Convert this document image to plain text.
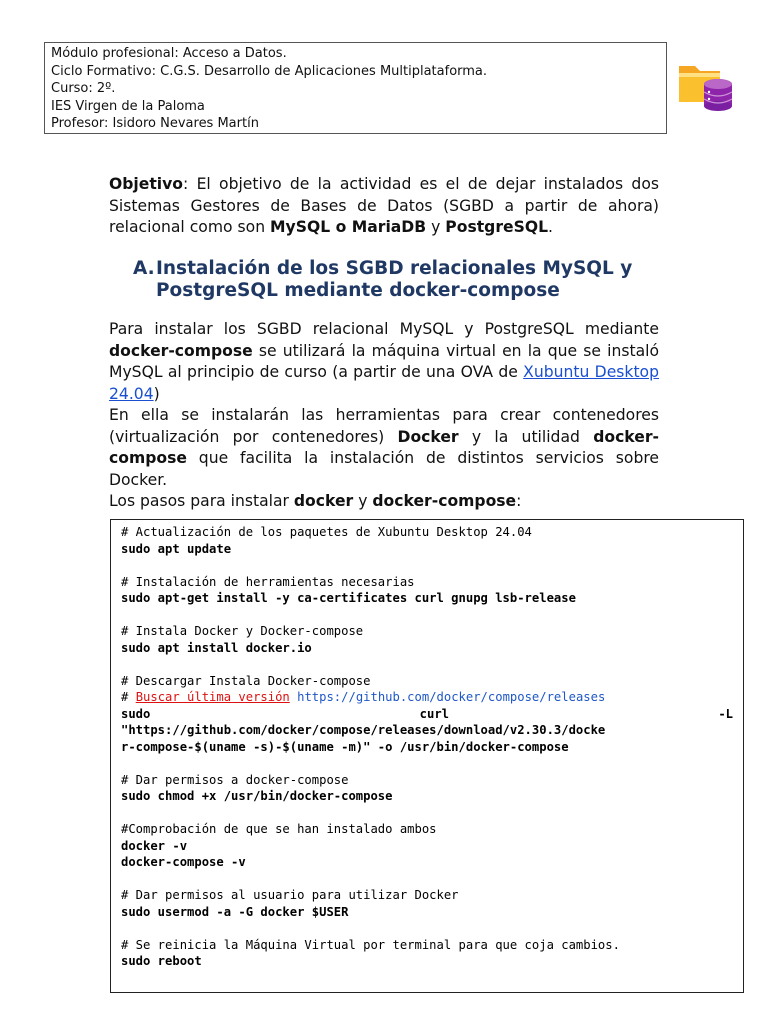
Módulo profesional: Acceso a Datos.
Ciclo Formativo: C.G.S. Desarrollo de Aplicaciones Multiplataforma.
Curso: 2º.
IES Virgen de la Paloma
Profesor: Isidoro Nevares Martín
Objetivo: El objetivo de la actividad es el de dejar instalados dos Sistemas Gestores de Bases de Datos (SGBD a partir de ahora) relacional como son MySQL o MariaDB y PostgreSQL.
A. Instalación de los SGBD relacionales MySQL y PostgreSQL mediante docker-compose

Para instalar los SGBD relacional MySQL y PostgreSQL mediante docker-compose se utilizará la máquina virtual en la que se instaló MySQL al principio de curso (a partir de una OVA de Xubuntu Desktop 24.04)

En ella se instalarán las herramientas para crear contenedores (virtualización por contenedores) Docker y la utilidad docker-compose que facilita la instalación de distintos servicios sobre Docker.

Los pasos para instalar docker y docker-compose:

# Actualización de los paquetes de Xubuntu Desktop 24.04
sudo apt update
# Instalación de herramientas necesarias
sudo apt-get install -y ca-certificates curl gnupg lsb-release
# Instala Docker y Docker-compose
sudo apt install docker.io
# Descargar Instala Docker-compose
# Buscar última versión https://github.com/docker/compose/releases
sudo	curl	-L
"https://github.com/docker/compose/releases/download/v2.30.3/docke
r-compose-$(uname -s)-$(uname -m)" -o /usr/bin/docker-compose
# Dar permisos a docker-compose
sudo chmod +x /usr/bin/docker-compose
#Comprobación de que se han instalado ambos
docker -v
docker-compose -v
# Dar permisos al usuario para utilizar Docker
sudo usermod -a -G docker $USER
# Se reinicia la Máquina Virtual por terminal para que coja cambios.
sudo reboot
